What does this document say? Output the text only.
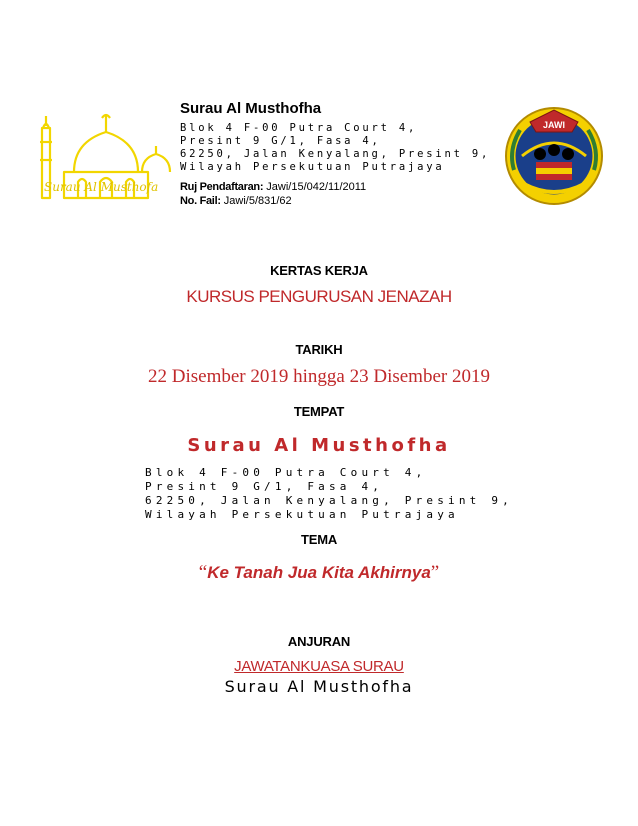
Surau Al Musthofa
Surau Al Musthofha
Blok 4 F-00 Putra Court 4,
Presint 9 G/1, Fasa 4,
62250, Jalan Kenyalang, Presint 9,
Wilayah Persekutuan Putrajaya
Ruj Pendaftaran: Jawi/15/042/11/2011
No. Fail: Jawi/5/831/62
JAWI
KERTAS KERJA
KURSUS PENGURUSAN JENAZAH
TARIKH
22 Disember 2019 hingga 23 Disember 2019
TEMPAT
Surau Al Musthofha
Blok 4 F-00 Putra Court 4,
Presint 9 G/1, Fasa 4,
62250, Jalan Kenyalang, Presint 9,
Wilayah Persekutuan Putrajaya
TEMA
“Ke Tanah Jua Kita Akhirnya”
ANJURAN
JAWATANKUASA SURAU
Surau Al Musthofha
